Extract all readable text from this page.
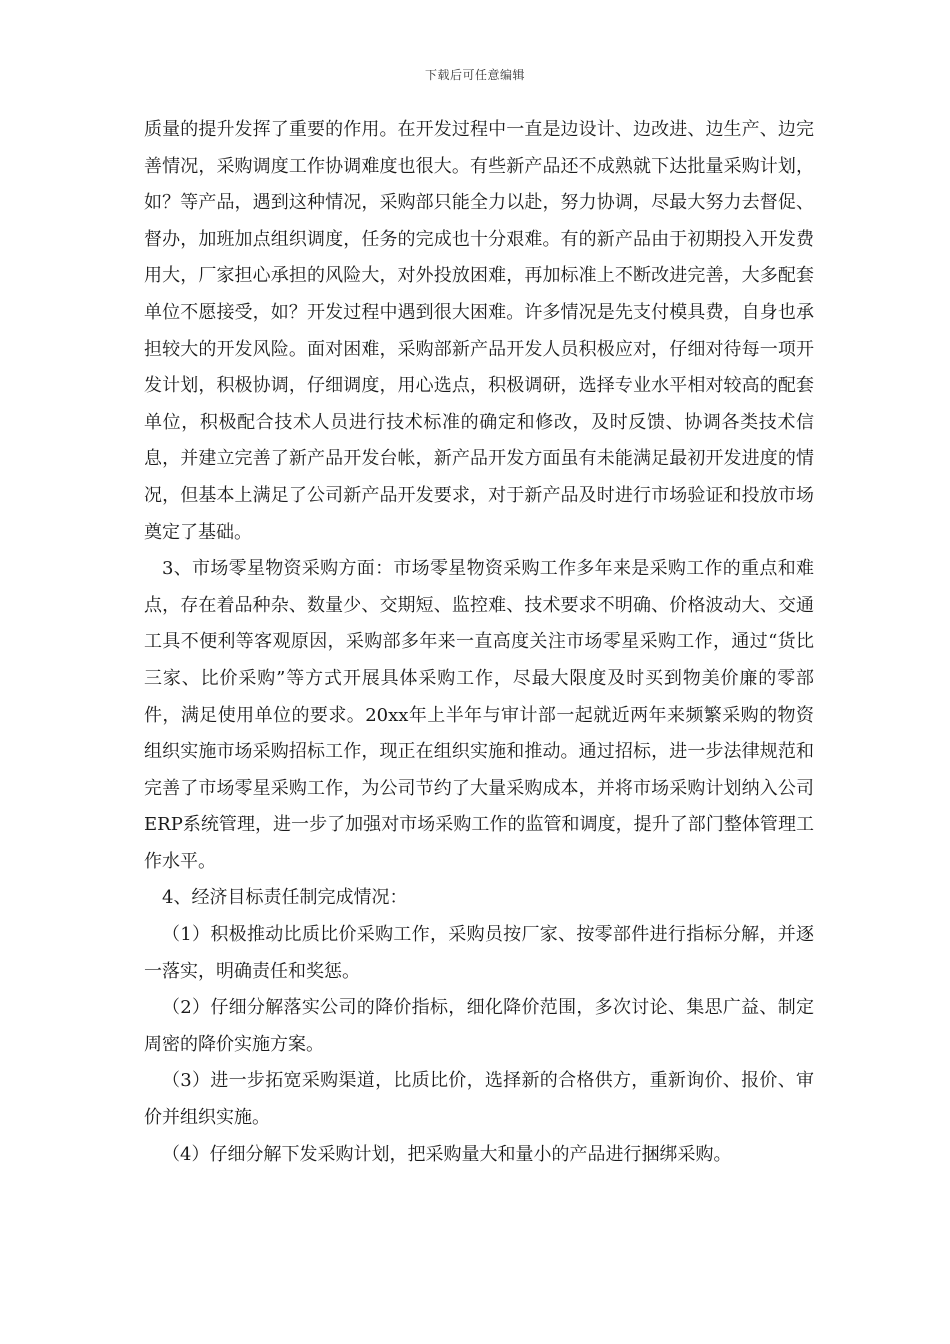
下载后可任意编辑

质量的提升发挥了重要的作用。在开发过程中一直是边设计、边改进、边生产、边完善情况，采购调度工作协调难度也很大。有些新产品还不成熟就下达批量采购计划，如？等产品，遇到这种情况，采购部只能全力以赴，努力协调，尽最大努力去督促、督办，加班加点组织调度，任务的完成也十分艰难。有的新产品由于初期投入开发费用大，厂家担心承担的风险大，对外投放困难，再加标准上不断改进完善，大多配套单位不愿接受，如？开发过程中遇到很大困难。许多情况是先支付模具费，自身也承担较大的开发风险。面对困难，采购部新产品开发人员积极应对，仔细对待每一项开发计划，积极协调，仔细调度，用心选点，积极调研，选择专业水平相对较高的配套单位，积极配合技术人员进行技术标准的确定和修改，及时反馈、协调各类技术信息，并建立完善了新产品开发台帐，新产品开发方面虽有未能满足最初开发进度的情况，但基本上满足了公司新产品开发要求，对于新产品及时进行市场验证和投放市场奠定了基础。

3、市场零星物资采购方面：市场零星物资采购工作多年来是采购工作的重点和难点，存在着品种杂、数量少、交期短、监控难、技术要求不明确、价格波动大、交通工具不便利等客观原因，采购部多年来一直高度关注市场零星采购工作，通过“货比三家、比价采购”等方式开展具体采购工作，尽最大限度及时买到物美价廉的零部件，满足使用单位的要求。20xx年上半年与审计部一起就近两年来频繁采购的物资组织实施市场采购招标工作，现正在组织实施和推动。通过招标，进一步法律规范和完善了市场零星采购工作，为公司节约了大量采购成本，并将市场采购计划纳入公司ERP系统管理，进一步了加强对市场采购工作的监管和调度，提升了部门整体管理工作水平。

4、经济目标责任制完成情况：

（1）积极推动比质比价采购工作，采购员按厂家、按零部件进行指标分解，并逐一落实，明确责任和奖惩。

（2）仔细分解落实公司的降价指标，细化降价范围，多次讨论、集思广益、制定周密的降价实施方案。

（3）进一步拓宽采购渠道，比质比价，选择新的合格供方，重新询价、报价、审价并组织实施。

（4）仔细分解下发采购计划，把采购量大和量小的产品进行捆绑采购。
